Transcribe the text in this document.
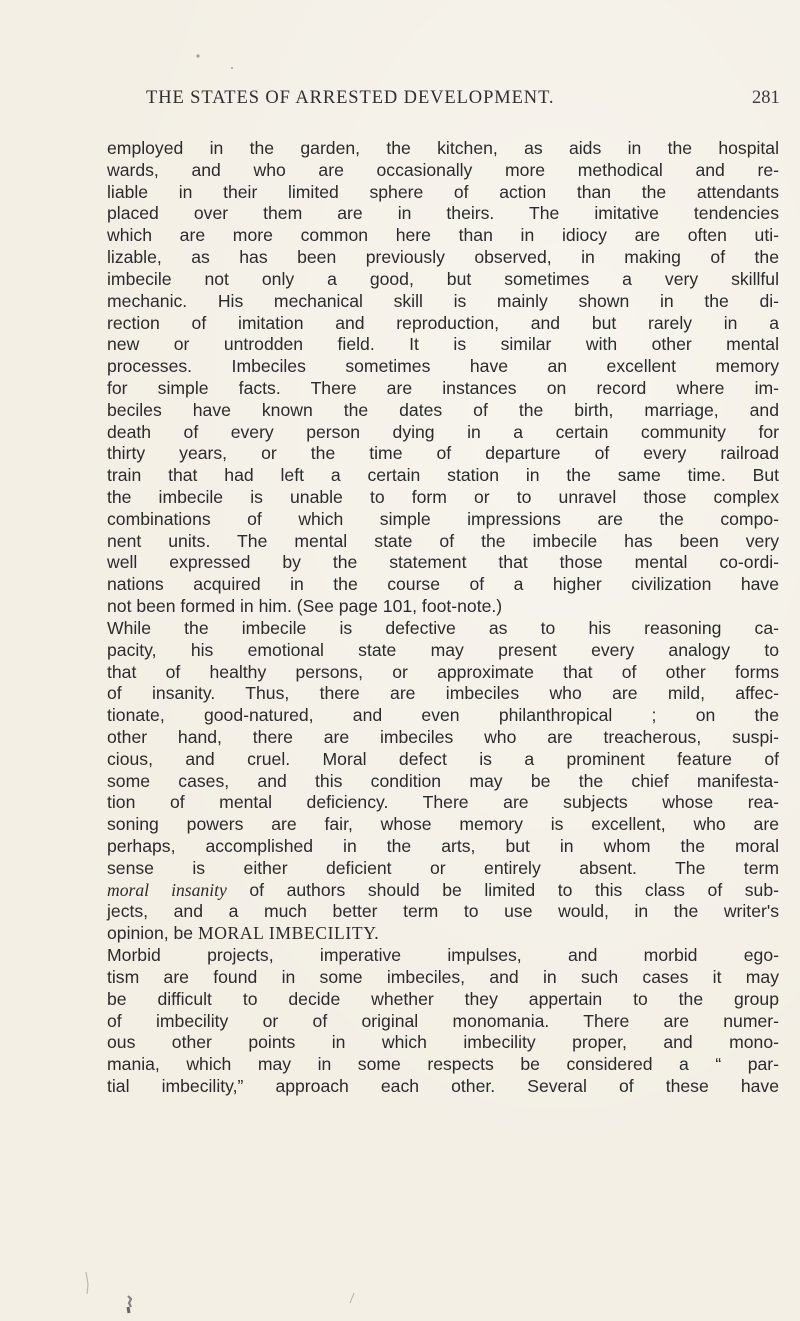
THE STATES OF ARRESTED DEVELOPMENT.	281
employed in the garden, the kitchen, as aids in the hospital
wards, and who are occasionally more methodical and re-
liable in their limited sphere of action than the attendants
placed over them are in theirs. The imitative tendencies
which are more common here than in idiocy are often uti-
lizable, as has been previously observed, in making of the
imbecile not only a good, but sometimes a very skillful
mechanic. His mechanical skill is mainly shown in the di-
rection of imitation and reproduction, and but rarely in a
new or untrodden field. It is similar with other mental
processes. Imbeciles sometimes have an excellent memory
for simple facts. There are instances on record where im-
beciles have known the dates of the birth, marriage, and
death of every person dying in a certain community for
thirty years, or the time of departure of every railroad
train that had left a certain station in the same time. But
the imbecile is unable to form or to unravel those complex
combinations of which simple impressions are the compo-
nent units. The mental state of the imbecile has been very
well expressed by the statement that those mental co-ordi-
nations acquired in the course of a higher civilization have
not been formed in him. (See page 101, foot-note.)
While the imbecile is defective as to his reasoning ca-
pacity, his emotional state may present every analogy to
that of healthy persons, or approximate that of other forms
of insanity. Thus, there are imbeciles who are mild, affec-
tionate, good-natured, and even philanthropical ; on the
other hand, there are imbeciles who are treacherous, suspi-
cious, and cruel. Moral defect is a prominent feature of
some cases, and this condition may be the chief manifesta-
tion of mental deficiency. There are subjects whose rea-
soning powers are fair, whose memory is excellent, who are
perhaps, accomplished in the arts, but in whom the moral
sense is either deficient or entirely absent. The term
moral insanity of authors should be limited to this class of sub-
jects, and a much better term to use would, in the writer's
opinion, be MORAL IMBECILITY.
Morbid projects, imperative impulses, and morbid ego-
tism are found in some imbeciles, and in such cases it may
be difficult to decide whether they appertain to the group
of imbecility or of original monomania. There are numer-
ous other points in which imbecility proper, and mono-
mania, which may in some respects be considered a “ par-
tial imbecility,” approach each other. Several of these have
